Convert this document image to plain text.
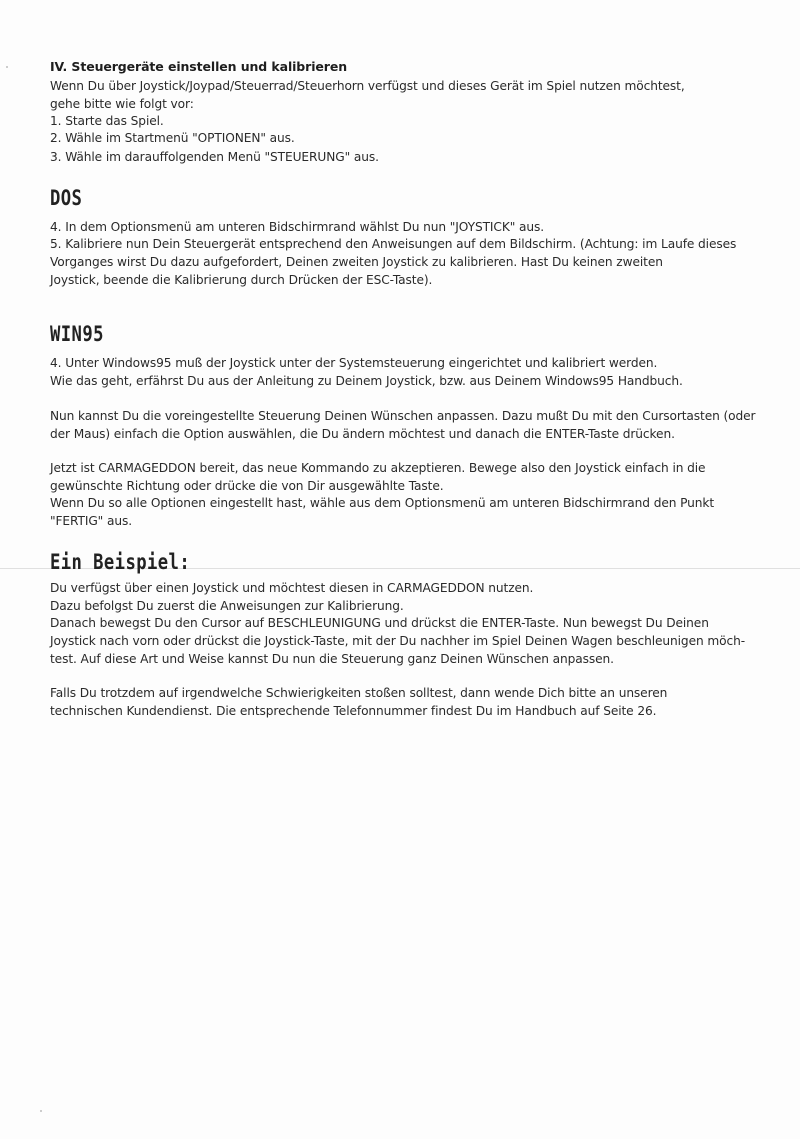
IV. Steuergeräte einstellen und kalibrieren
Wenn Du über Joystick/Joypad/Steuerrad/Steuerhorn verfügst und dieses Gerät im Spiel nutzen möchtest,
gehe bitte wie folgt vor:
1. Starte das Spiel.
2. Wähle im Startmenü "OPTIONEN" aus.
3. Wähle im darauffolgenden Menü "STEUERUNG" aus.
DOS
4. In dem Optionsmenü am unteren Bidschirmrand wählst Du nun "JOYSTICK" aus.
5. Kalibriere nun Dein Steuergerät entsprechend den Anweisungen auf dem Bildschirm. (Achtung: im Laufe dieses
Vorganges wirst Du dazu aufgefordert, Deinen zweiten Joystick zu kalibrieren. Hast Du keinen zweiten
Joystick, beende die Kalibrierung durch Drücken der ESC-Taste).
WIN95
4. Unter Windows95 muß der Joystick unter der Systemsteuerung eingerichtet und kalibriert werden.
Wie das geht, erfährst Du aus der Anleitung zu Deinem Joystick, bzw. aus Deinem Windows95 Handbuch.
Nun kannst Du die voreingestellte Steuerung Deinen Wünschen anpassen. Dazu mußt Du mit den Cursortasten (oder
der Maus) einfach die Option auswählen, die Du ändern möchtest und danach die ENTER-Taste drücken.
Jetzt ist CARMAGEDDON bereit, das neue Kommando zu akzeptieren. Bewege also den Joystick einfach in die
gewünschte Richtung oder drücke die von Dir ausgewählte Taste.
Wenn Du so alle Optionen eingestellt hast, wähle aus dem Optionsmenü am unteren Bidschirmrand den Punkt
"FERTIG" aus.
Ein Beispiel:
Du verfügst über einen Joystick und möchtest diesen in CARMAGEDDON nutzen.
Dazu befolgst Du zuerst die Anweisungen zur Kalibrierung.
Danach bewegst Du den Cursor auf BESCHLEUNIGUNG und drückst die ENTER-Taste. Nun bewegst Du Deinen
Joystick nach vorn oder drückst die Joystick-Taste, mit der Du nachher im Spiel Deinen Wagen beschleunigen möch-
test. Auf diese Art und Weise kannst Du nun die Steuerung ganz Deinen Wünschen anpassen.
Falls Du trotzdem auf irgendwelche Schwierigkeiten stoßen solltest, dann wende Dich bitte an unseren
technischen Kundendienst. Die entsprechende Telefonnummer findest Du im Handbuch auf Seite 26.
